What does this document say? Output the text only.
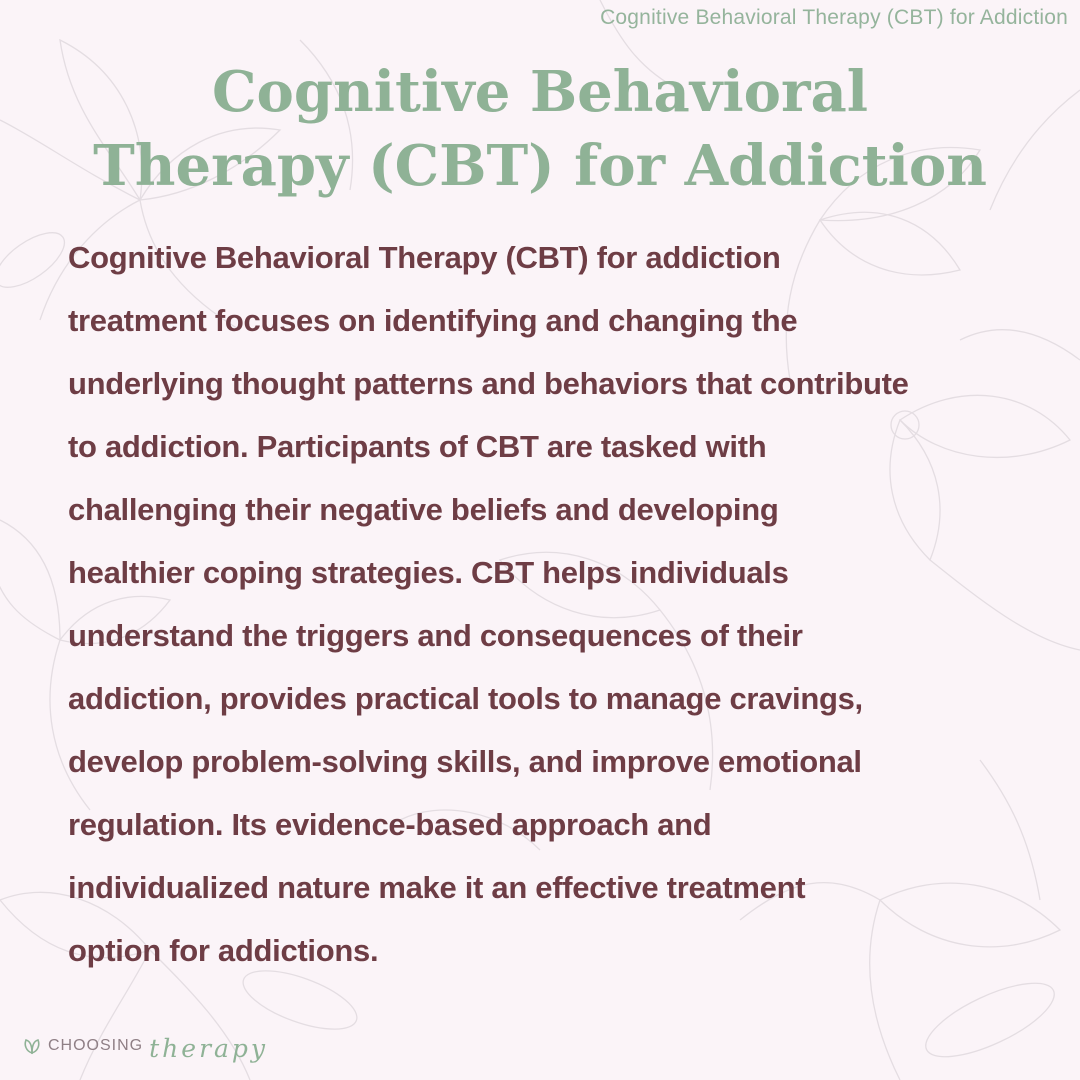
Cognitive Behavioral Therapy (CBT) for Addiction
Cognitive Behavioral
Therapy (CBT) for Addiction

Cognitive Behavioral Therapy (CBT) for addiction
treatment focuses on identifying and changing the
underlying thought patterns and behaviors that contribute
to addiction. Participants of CBT are tasked with
challenging their negative beliefs and developing
healthier coping strategies. CBT helps individuals
understand the triggers and consequences of their
addiction, provides practical tools to manage cravings,
develop problem-solving skills, and improve emotional
regulation. Its evidence-based approach and
individualized nature make it an effective treatment
option for addictions.

CHOOSING therapy
